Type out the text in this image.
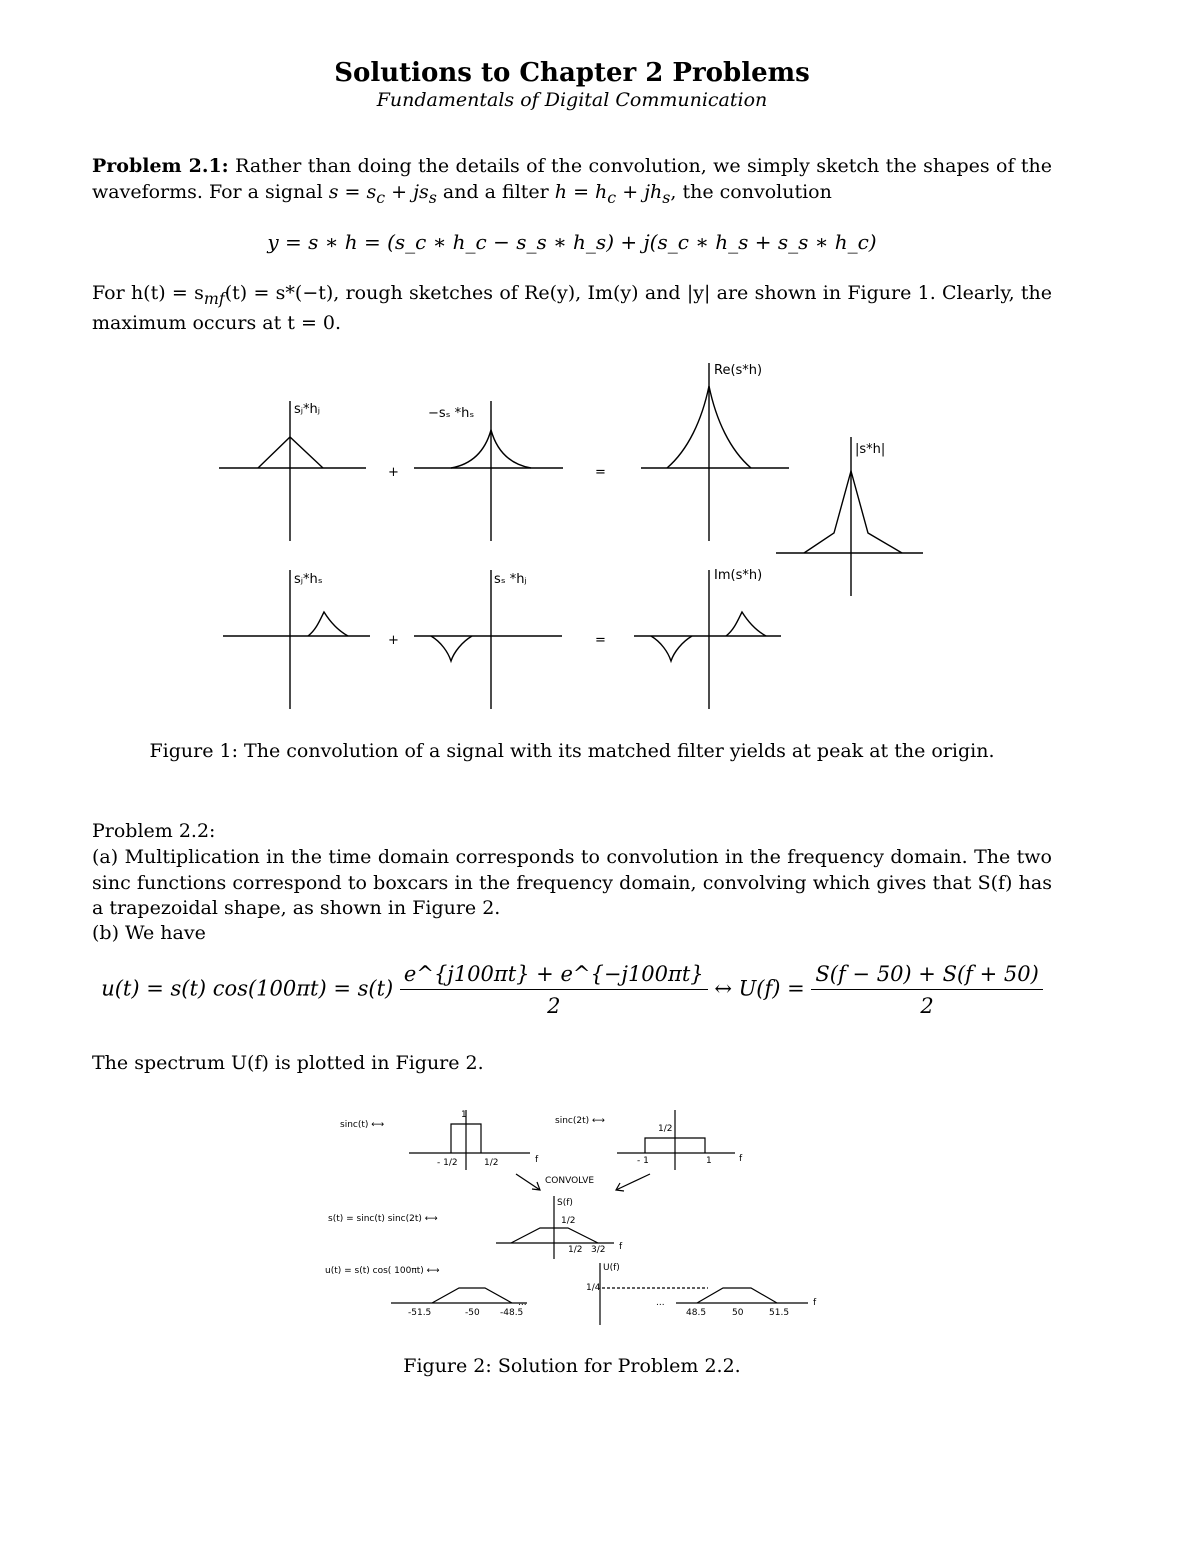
Solutions to Chapter 2 Problems
Fundamentals of Digital Communication
Problem 2.1: Rather than doing the details of the convolution, we simply sketch the shapes of the waveforms. For a signal $s = s_c + js_s$ and a filter $h = h_c + jh_s$, the convolution
y = s ∗ h = (s_c ∗ h_c − s_s ∗ h_s) + j(s_c ∗ h_s + s_s ∗ h_c)
For $h(t) = s_{mf}(t) = s*(-t)$, rough sketches of Re(y), Im(y) and |y| are shown in Figure 1. Clearly, the maximum occurs at t = 0.
sⱼ*hⱼ	−sₛ *hₛ
Re(s*h)
|s*h|
sⱼ*hₛ	sₛ *hⱼ	Im(s*h)
+	=
+	=
Figure 1: The convolution of a signal with its matched filter yields at peak at the origin.
Problem 2.2:
(a) Multiplication in the time domain corresponds to convolution in the frequency domain. The two sinc functions correspond to boxcars in the frequency domain, convolving which gives that S(f) has a trapezoidal shape, as shown in Figure 2.
(b) We have
u(t) = s(t) $\cos(100\pi t) = s(t) \frac{e\^{}\{j100\pi t\} + e\^{}\{-j100\pi t\}}{2}$ ↔ $U(f) = \frac{S(f - 50) + S(f + 50)}{2}$
The spectrum U(f) is plotted in Figure 2.
sinc(t) ⟷	sinc(2t) ⟷
1
1/2
- 1/2	1/2	f	- 1	1	f
CONVOLVE
s(t) = sinc(t) sinc(2t) ⟷
S(f)
1/2
1/2 3/2 f
u(t) = s(t) cos( 100πt) ⟷	U(f)
1/4
-51.5	-50 -48.5
...	...
48.5	50	51.5
f
Figure 2: Solution for Problem 2.2.
